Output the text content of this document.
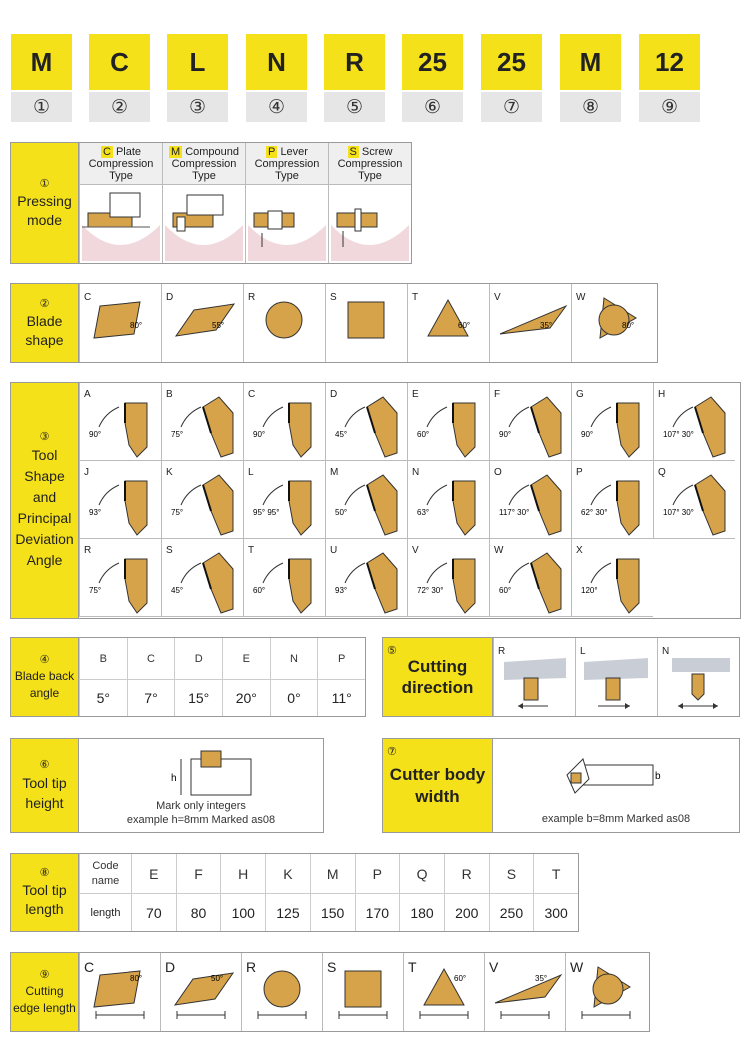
M	C	L	N	R	25	25	M	12
①	②	③	④	⑤	⑥	⑦	⑧	⑨
①
Pressing mode
C Plate Compression Type
M Compound Compression Type
P Lever Compression Type
S Screw Compression Type
②
Blade shape
C
80°
D
55°
R	S	T
60°
V
35°
W
80°
③
Tool Shape and Principal Deviation Angle
A
90°
B
75°
C
90°
D
45°
E
60°
F
90°
G
90°
H
107° 30°
J
93°
K
75°
L
95° 95°
M
50°
N
63°
O
117° 30°
P
62° 30°
Q
107° 30°
R
75°
S
45°
T
60°
U
93°
V
72° 30°
W
60°
X
120°
④
Blade back angle
B	C	D	E	N	P
5°	7°	15°	20°	0°	11°
⑤
Cutting direction
R	L	N
⑥
Tool tip height
h
Mark only integers
example h=8mm Marked as08
⑦
Cutter body width
b
example b=8mm Marked as08
⑧
Tool tip length
Code name	E	F	H	K	M	P	Q	R	S	T
length	70	80	100	125	150	170	180	200	250	300
⑨
Cutting edge length
C
80°
D
50°
R	S	T
60°
V
35°
W
